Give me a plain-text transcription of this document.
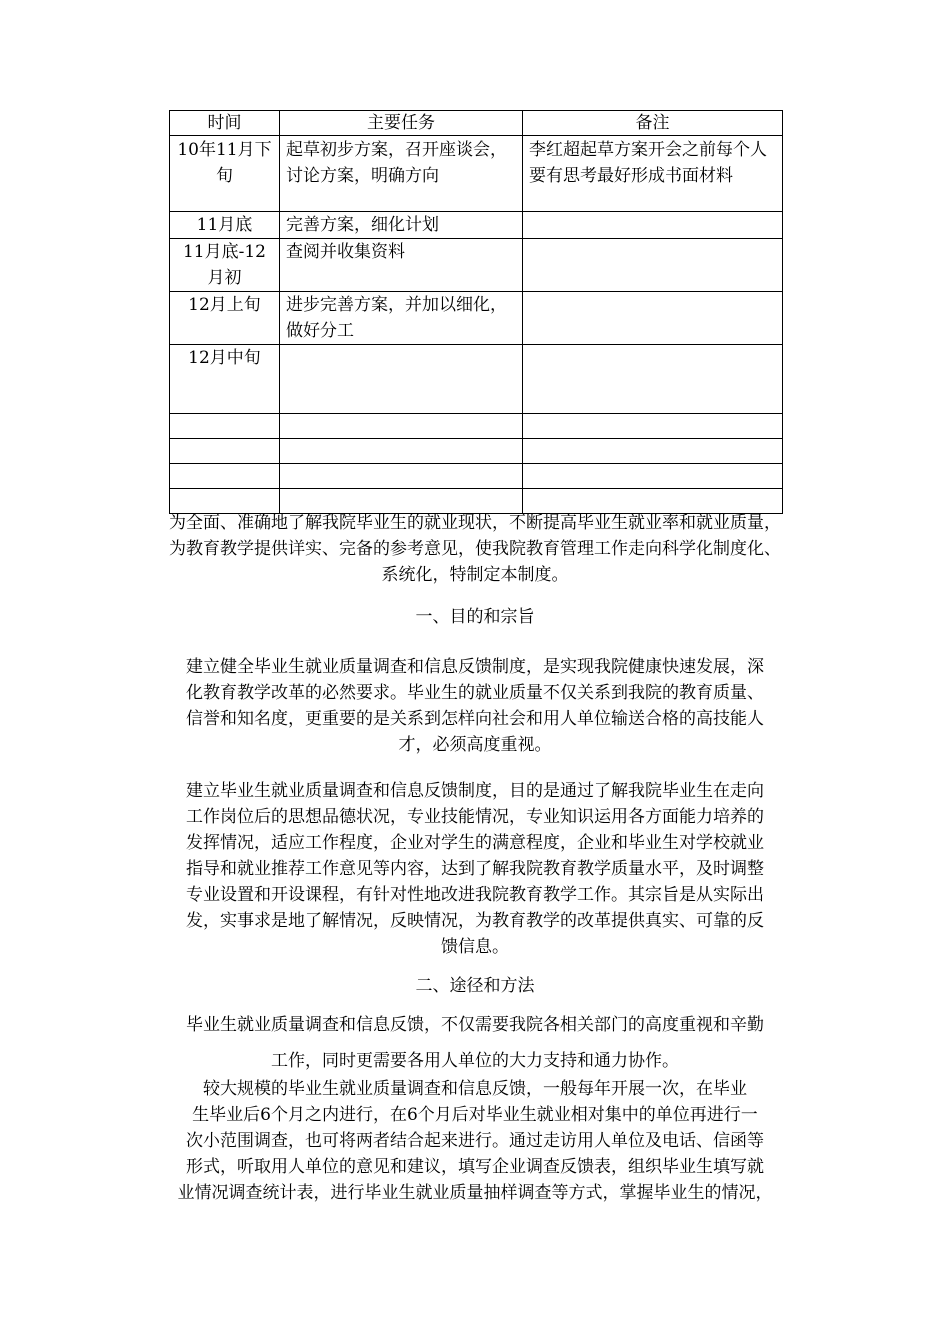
时间	主要任务	备注
10年11月下旬	起草初步方案，召开座谈会，讨论方案，明确方向	李红超起草方案开会之前每个人要有思考最好形成书面材料
11月底	完善方案，细化计划	
11月底-12月初	查阅并收集资料	
12月上旬	进步完善方案，并加以细化，做好分工	
12月中旬		

为全面、准确地了解我院毕业生的就业现状，不断提高毕业生就业率和就业质量，
为教育教学提供详实、完备的参考意见，使我院教育管理工作走向科学化制度化、
系统化，特制定本制度。

一、目的和宗旨

建立健全毕业生就业质量调查和信息反馈制度，是实现我院健康快速发展，深
化教育教学改革的必然要求。毕业生的就业质量不仅关系到我院的教育质量、
信誉和知名度，更重要的是关系到怎样向社会和用人单位输送合格的高技能人
才，必须高度重视。

建立毕业生就业质量调查和信息反馈制度，目的是通过了解我院毕业生在走向
工作岗位后的思想品德状况，专业技能情况，专业知识运用各方面能力培养的
发挥情况，适应工作程度，企业对学生的满意程度，企业和毕业生对学校就业
指导和就业推荐工作意见等内容，达到了解我院教育教学质量水平，及时调整
专业设置和开设课程，有针对性地改进我院教育教学工作。其宗旨是从实际出
发，实事求是地了解情况，反映情况，为教育教学的改革提供真实、可靠的反
馈信息。

二、途径和方法

毕业生就业质量调查和信息反馈，不仅需要我院各相关部门的高度重视和辛勤

工作，同时更需要各用人单位的大力支持和通力协作。

较大规模的毕业生就业质量调查和信息反馈，一般每年开展一次，在毕业
生毕业后6个月之内进行，在6个月后对毕业生就业相对集中的单位再进行一
次小范围调查，也可将两者结合起来进行。通过走访用人单位及电话、信函等
形式，听取用人单位的意见和建议，填写企业调查反馈表，组织毕业生填写就
业情况调查统计表，进行毕业生就业质量抽样调查等方式，掌握毕业生的情况，
